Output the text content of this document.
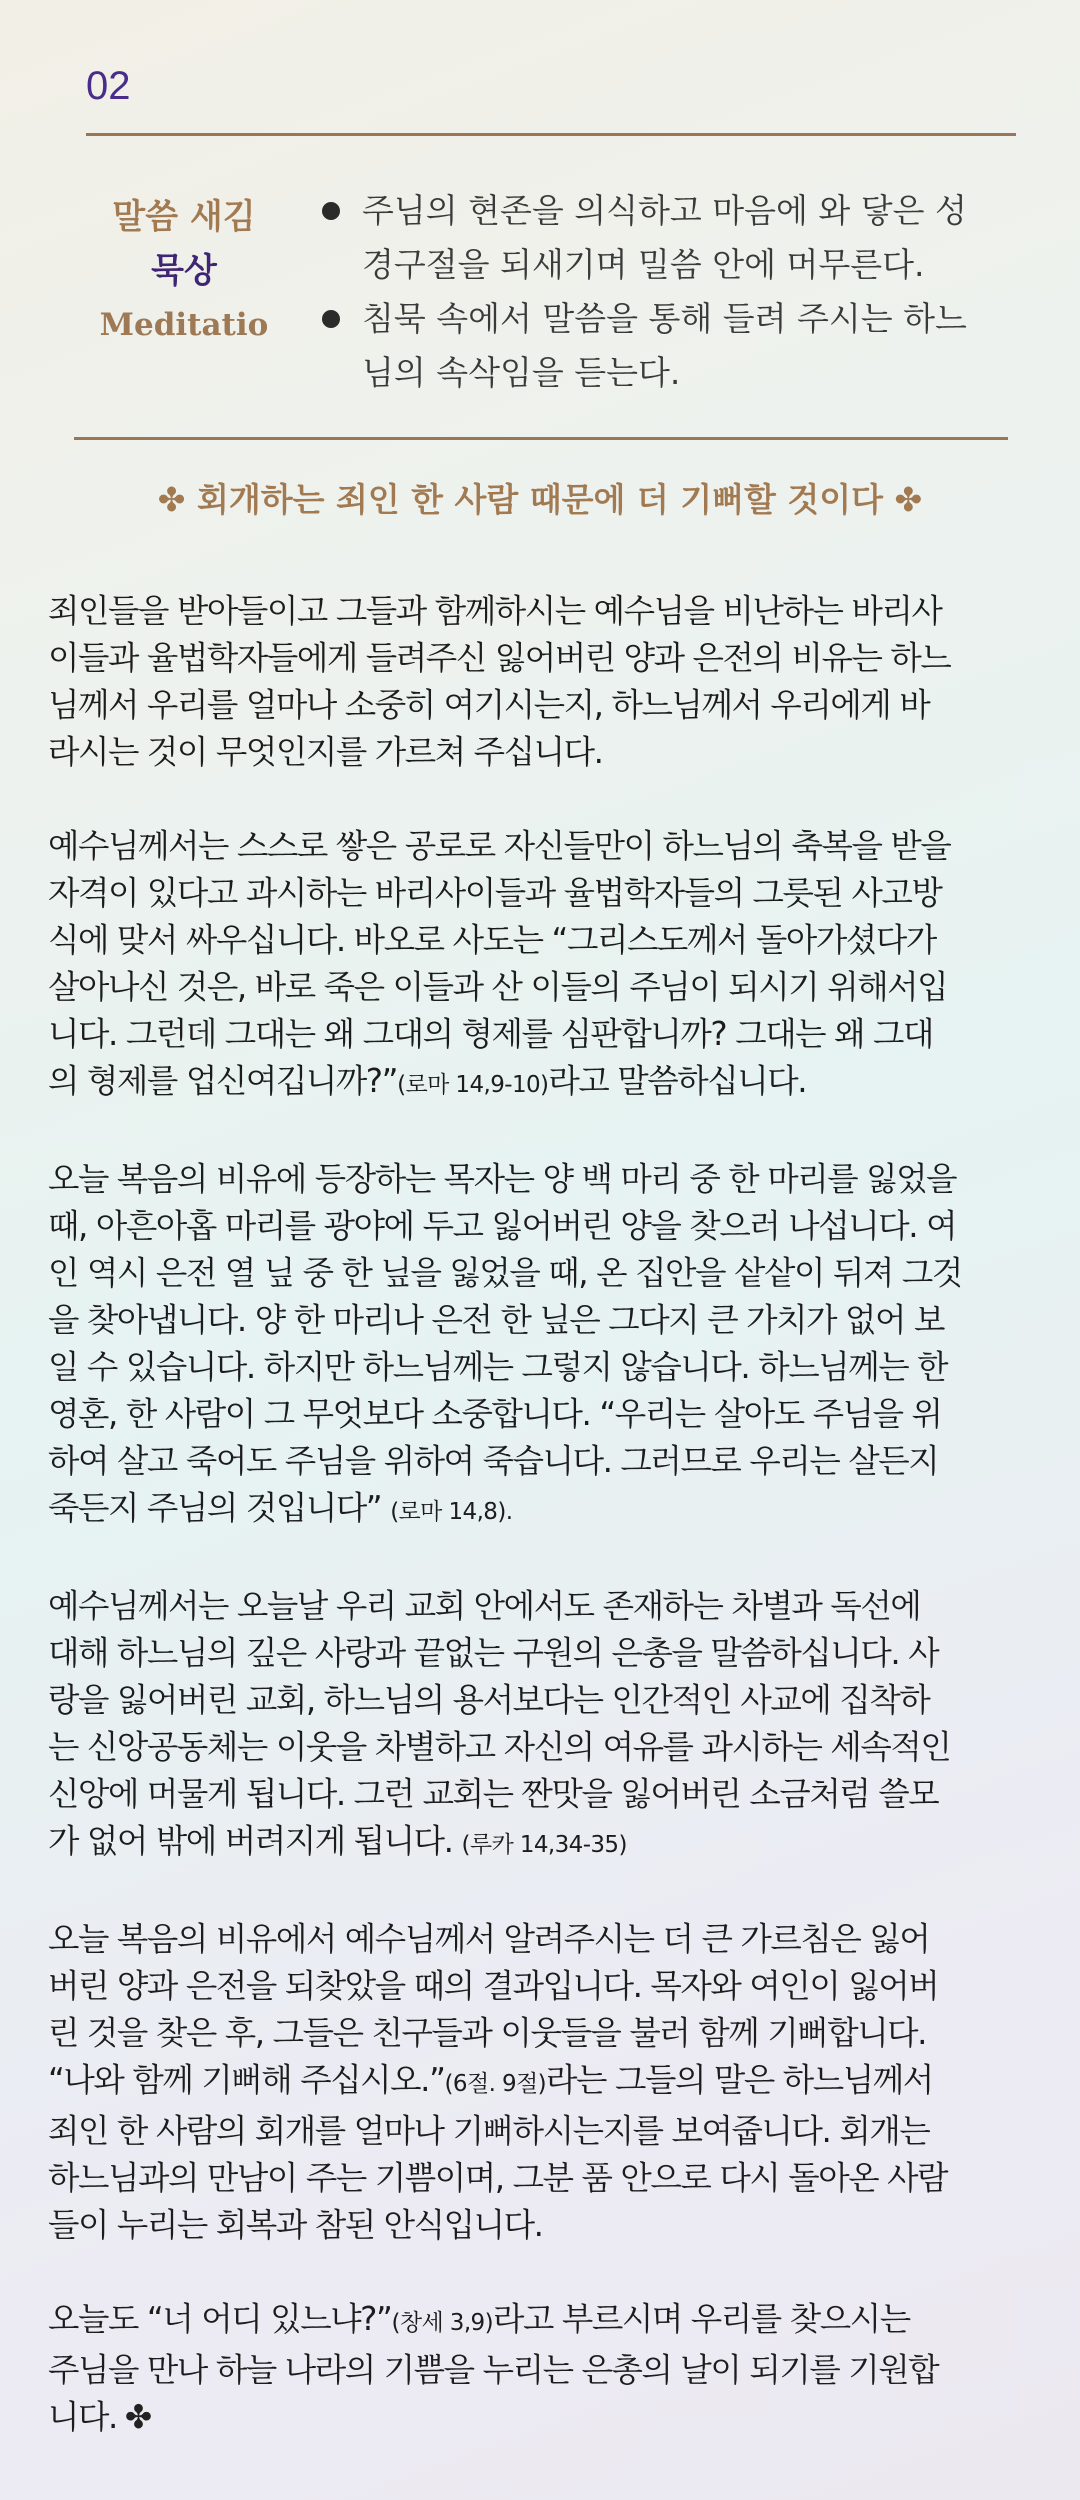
02
말씀 새김
묵상
Meditatio
주님의 현존을 의식하고 마음에 와 닿은 성
경구절을 되새기며 밀씀 안에 머무른다.
침묵 속에서 말씀을 통해 들려 주시는 하느
님의 속삭임을 듣는다.
✤ 회개하는 죄인 한 사람 때문에 더 기뻐할 것이다 ✤
죄인들을 받아들이고 그들과 함께하시는 예수님을 비난하는 바리사
이들과 율법학자들에게 들려주신 잃어버린 양과 은전의 비유는 하느
님께서 우리를 얼마나 소중히 여기시는지, 하느님께서 우리에게 바
라시는 것이 무엇인지를 가르쳐 주십니다.
예수님께서는 스스로 쌓은 공로로 자신들만이 하느님의 축복을 받을
자격이 있다고 과시하는 바리사이들과 율법학자들의 그릇된 사고방
식에 맞서 싸우십니다. 바오로 사도는 “그리스도께서 돌아가셨다가
살아나신 것은, 바로 죽은 이들과 산 이들의 주님이 되시기 위해서입
니다. 그런데 그대는 왜 그대의 형제를 심판합니까? 그대는 왜 그대
의 형제를 업신여깁니까?”(로마 14,9-10)라고 말씀하십니다.
오늘 복음의 비유에 등장하는 목자는 양 백 마리 중 한 마리를 잃었을
때, 아흔아홉 마리를 광야에 두고 잃어버린 양을 찾으러 나섭니다. 여
인 역시 은전 열 닢 중 한 닢을 잃었을 때, 온 집안을 샅샅이 뒤져 그것
을 찾아냅니다. 양 한 마리나 은전 한 닢은 그다지 큰 가치가 없어 보
일 수 있습니다. 하지만 하느님께는 그렇지 않습니다. 하느님께는 한
영혼, 한 사람이 그 무엇보다 소중합니다. “우리는 살아도 주님을 위
하여 살고 죽어도 주님을 위하여 죽습니다. 그러므로 우리는 살든지
죽든지 주님의 것입니다” (로마 14,8).
예수님께서는 오늘날 우리 교회 안에서도 존재하는 차별과 독선에
대해 하느님의 깊은 사랑과 끝없는 구원의 은총을 말씀하십니다. 사
랑을 잃어버린 교회, 하느님의 용서보다는 인간적인 사교에 집착하
는 신앙공동체는 이웃을 차별하고 자신의 여유를 과시하는 세속적인
신앙에 머물게 됩니다. 그런 교회는 짠맛을 잃어버린 소금처럼 쓸모
가 없어 밖에 버려지게 됩니다. (루카 14,34-35)
오늘 복음의 비유에서 예수님께서 알려주시는 더 큰 가르침은 잃어
버린 양과 은전을 되찾았을 때의 결과입니다. 목자와 여인이 잃어버
린 것을 찾은 후, 그들은 친구들과 이웃들을 불러 함께 기뻐합니다.
“나와 함께 기뻐해 주십시오.”(6절. 9절)라는 그들의 말은 하느님께서
죄인 한 사람의 회개를 얼마나 기뻐하시는지를 보여줍니다. 회개는
하느님과의 만남이 주는 기쁨이며, 그분 품 안으로 다시 돌아온 사람
들이 누리는 회복과 참된 안식입니다.
오늘도 “너 어디 있느냐?”(창세 3,9)라고 부르시며 우리를 찾으시는
주님을 만나 하늘 나라의 기쁨을 누리는 은총의 날이 되기를 기원합
니다. ✤
